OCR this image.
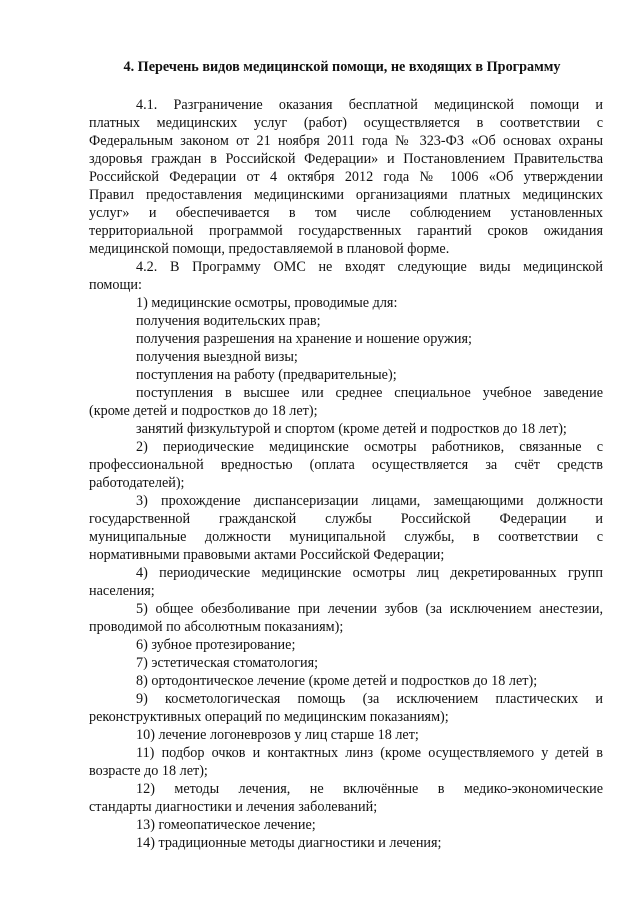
4. Перечень видов медицинской помощи, не входящих в Программу
4.1. Разграничение оказания бесплатной медицинской помощи и
платных медицинских услуг (работ) осуществляется в соответствии с
Федеральным законом от 21 ноября 2011 года № 323-ФЗ «Об основах охраны
здоровья граждан в Российской Федерации» и Постановлением Правительства
Российской Федерации от 4 октября 2012 года № 1006 «Об утверждении
Правил предоставления медицинскими организациями платных медицинских
услуг» и обеспечивается в том числе соблюдением установленных
территориальной программой государственных гарантий сроков ожидания
медицинской помощи, предоставляемой в плановой форме.
4.2. В Программу ОМС не входят следующие виды медицинской
помощи:
1) медицинские осмотры, проводимые для:
получения водительских прав;
получения разрешения на хранение и ношение оружия;
получения выездной визы;
поступления на работу (предварительные);
поступления в высшее или среднее специальное учебное заведение
(кроме детей и подростков до 18 лет);
занятий физкультурой и спортом (кроме детей и подростков до 18 лет);
2) периодические медицинские осмотры работников, связанные с
профессиональной вредностью (оплата осуществляется за счёт средств
работодателей);
3) прохождение диспансеризации лицами, замещающими должности
государственной гражданской службы Российской Федерации и
муниципальные должности муниципальной службы, в соответствии с
нормативными правовыми актами Российской Федерации;
4) периодические медицинские осмотры лиц декретированных групп
населения;
5) общее обезболивание при лечении зубов (за исключением анестезии,
проводимой по абсолютным показаниям);
6) зубное протезирование;
7) эстетическая стоматология;
8) ортодонтическое лечение (кроме детей и подростков до 18 лет);
9) косметологическая помощь (за исключением пластических и
реконструктивных операций по медицинским показаниям);
10) лечение логоневрозов у лиц старше 18 лет;
11) подбор очков и контактных линз (кроме осуществляемого у детей в
возрасте до 18 лет);
12) методы лечения, не включённые в медико-экономические
стандарты диагностики и лечения заболеваний;
13) гомеопатическое лечение;
14) традиционные методы диагностики и лечения;
